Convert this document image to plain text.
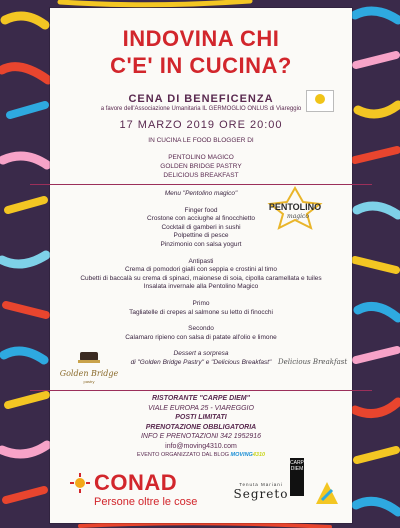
INDOVINA CHI
C'E' IN CUCINA?
CENA DI BENEFICENZA
a favore dell'Associazione Umanitaria IL GERMOGLIO ONLUS di Viareggio
17 MARZO 2019 ORE 20:00
IN CUCINA LE FOOD BLOGGER DI
PENTOLINO MAGICO
GOLDEN BRIDGE PASTRY
DELICIOUS BREAKFAST
PENTOLINO
magico
Menu "Pentolino magico"
Finger food
Crostone con acciughe al finocchietto
Cocktail di gamberi in sushi
Polpettine di pesce
Pinzimonio con salsa yogurt
Antipasti
Crema di pomodori gialli con seppia e crostini al timo
Cubetti di baccalà su crema di spinaci, maionese di soia, cipolla caramellata e tuiles
Insalata invernale alla Pentolino Magico
Primo
Tagliatelle di crepes al salmone su letto di finocchi
Secondo
Calamaro ripieno con salsa di patate all'olio e limone
Dessert a sorpresa
di "Golden Bridge Pastry" e "Delicious Breakfast"
Golden Bridge
pastry
Delicious Breakfast
RISTORANTE "CARPE DIEM"
VIALE EUROPA 25 - VIAREGGIO
POSTI LIMITATI
PRENOTAZIONE OBBLIGATORIA
INFO E PRENOTAZIONI 342 1952916
info@moving4310.com
EVENTO ORGANIZZATO DAL BLOG MOVING4310
CONAD
Persone oltre le cose
Tenuta Mariani
Segreto
CARPE DIEM
